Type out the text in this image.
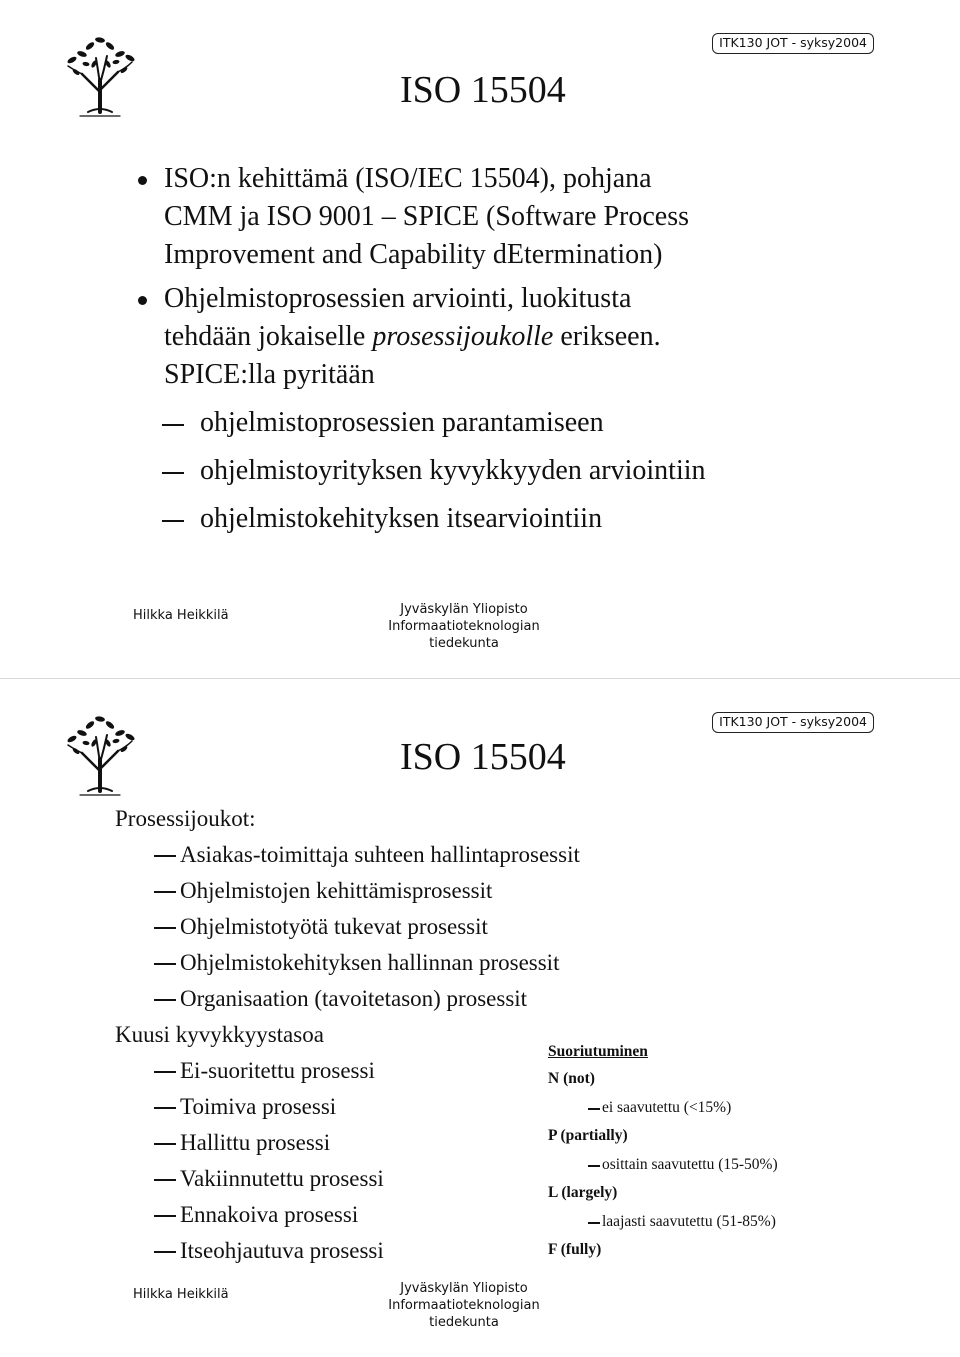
ITK130 JOT - syksy2004
ISO 15504
ISO:n kehittämä (ISO/IEC 15504), pohjana
CMM ja ISO 9001 – SPICE (Software Process
Improvement and Capability dEtermination)
Ohjelmistoprosessien arviointi, luokitusta
tehdään jokaiselle prosessijoukolle erikseen.
SPICE:lla pyritään
ohjelmistoprosessien parantamiseen
ohjelmistoyrityksen kyvykkyyden arviointiin
ohjelmistokehityksen itsearviointiin
Hilkka Heikkilä	Jyväskylän Yliopisto
Informaatioteknologian tiedekunta
ITK130 JOT - syksy2004
ISO 15504
Prosessijoukot:
Asiakas-toimittaja suhteen hallintaprosessit
Ohjelmistojen kehittämisprosessit
Ohjelmistotyötä tukevat prosessit
Ohjelmistokehityksen hallinnan prosessit
Organisaation (tavoitetason) prosessit
Kuusi kyvykkyystasoa
Ei-suoritettu prosessi
Toimiva prosessi
Hallittu prosessi
Vakiinnutettu prosessi
Ennakoiva prosessi
Itseohjautuva prosessi
Suoriutuminen
N (not)
ei saavutettu (<15%)
P (partially)
osittain saavutettu (15-50%)
L (largely)
laajasti saavutettu (51-85%)
F (fully)
Hilkka Heikkilä	Jyväskylän Yliopisto
Informaatioteknologian tiedekunta
